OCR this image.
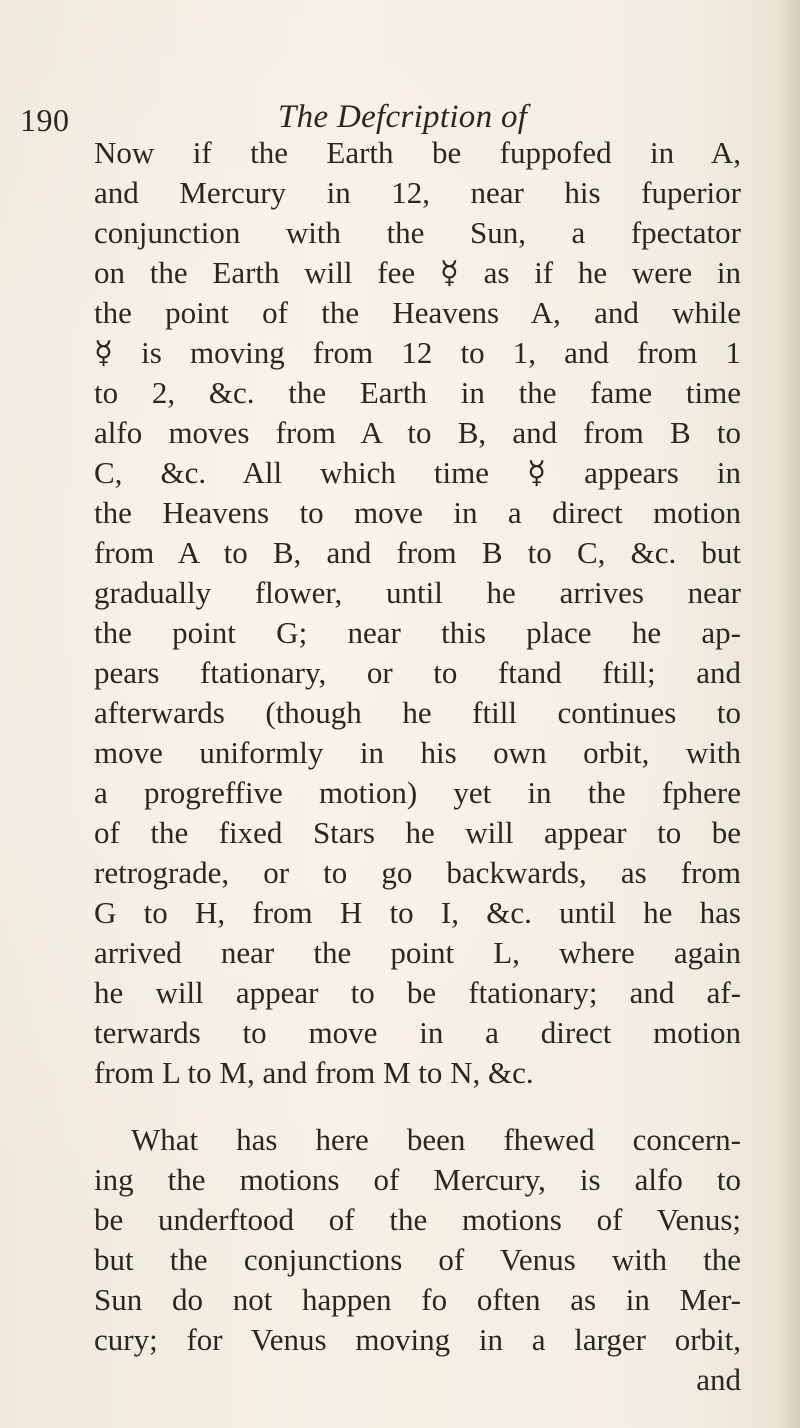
190	The Defcription of
Now if the Earth be fuppofed in A,
and Mercury in 12, near his fuperior
conjunction with the Sun, a fpectator
on the Earth will fee ☿ as if he were in
the point of the Heavens A, and while
☿ is moving from 12 to 1, and from 1
to 2, &c. the Earth in the fame time
alfo moves from A to B, and from B to
C, &c. All which time ☿ appears in
the Heavens to move in a direct motion
from A to B, and from B to C, &c. but
gradually flower, until he arrives near
the point G; near this place he ap-
pears ftationary, or to ftand ftill; and
afterwards (though he ftill continues to
move uniformly in his own orbit, with
a progreffive motion) yet in the fphere
of the fixed Stars he will appear to be
retrograde, or to go backwards, as from
G to H, from H to I, &c. until he has
arrived near the point L, where again
he will appear to be ftationary; and af-
terwards to move in a direct motion
from L to M, and from M to N, &c.
What has here been fhewed concern-
ing the motions of Mercury, is alfo to
be underftood of the motions of Venus;
but the conjunctions of Venus with the
Sun do not happen fo often as in Mer-
cury; for Venus moving in a larger orbit,
and
